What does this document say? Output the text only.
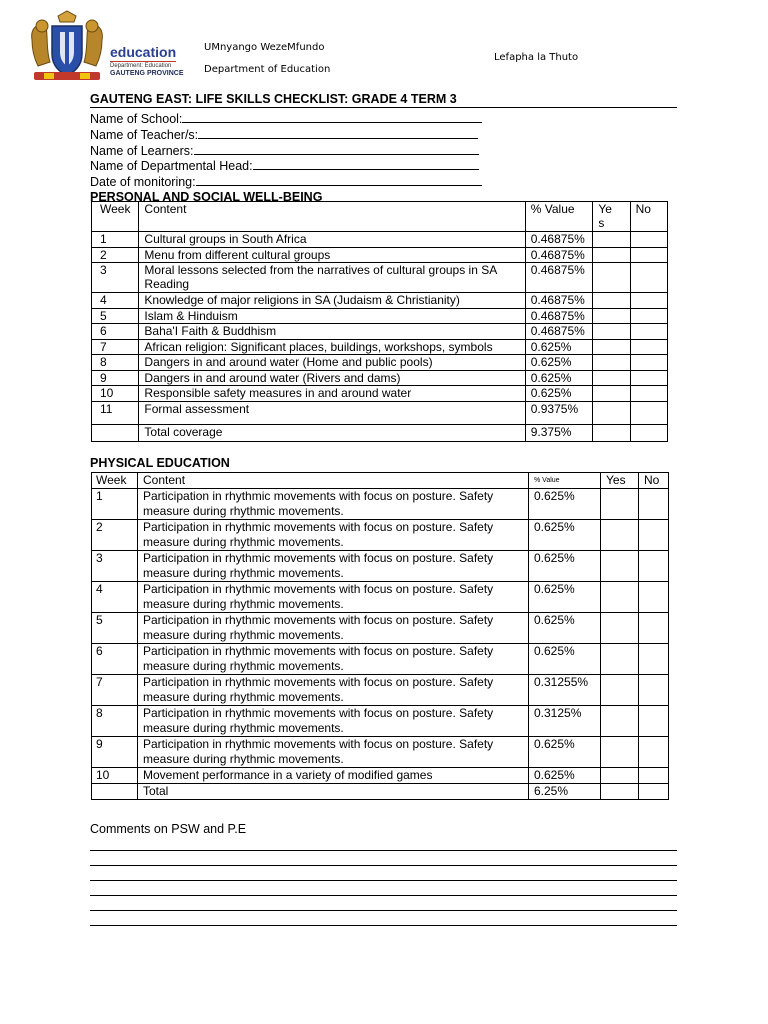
education
Department: Education
GAUTENG PROVINCE
UMnyango WezeMfundo
Department of Education
Lefapha la Thuto
GAUTENG EAST: LIFE SKILLS CHECKLIST: GRADE 4 TERM 3
Name of School:
Name of Teacher/s:
Name of Learners:
Name of Departmental Head:
Date of monitoring:
PERSONAL AND SOCIAL WELL-BEING
Week	Content	% Value	Yes	No
1	Cultural groups in South Africa	0.46875%		
2	Menu from different cultural groups	0.46875%		
3	Moral lessons selected from the narratives of cultural groups in SA Reading	0.46875%		
4	Knowledge of major religions in SA (Judaism & Christianity)	0.46875%		
5	Islam & Hinduism	0.46875%		
6	Baha'I Faith & Buddhism	0.46875%		
7	African religion: Significant places, buildings, workshops, symbols	0.625%		
8	Dangers in and around water (Home and public pools)	0.625%		
9	Dangers in and around water (Rivers and dams)	0.625%		
10	Responsible safety measures in and around water	0.625%		
11	Formal assessment	0.9375%		
	Total coverage	9.375%		
PHYSICAL EDUCATION
Week	Content	% Value	Yes	No
1	Participation in rhythmic movements with focus on posture. Safety measure during rhythmic movements.	0.625%		
2	Participation in rhythmic movements with focus on posture. Safety measure during rhythmic movements.	0.625%		
3	Participation in rhythmic movements with focus on posture. Safety measure during rhythmic movements.	0.625%		
4	Participation in rhythmic movements with focus on posture. Safety measure during rhythmic movements.	0.625%		
5	Participation in rhythmic movements with focus on posture. Safety measure during rhythmic movements.	0.625%		
6	Participation in rhythmic movements with focus on posture. Safety measure during rhythmic movements.	0.625%		
7	Participation in rhythmic movements with focus on posture. Safety measure during rhythmic movements.	0.31255%		
8	Participation in rhythmic movements with focus on posture. Safety measure during rhythmic movements.	0.3125%		
9	Participation in rhythmic movements with focus on posture. Safety measure during rhythmic movements.	0.625%		
10	Movement performance in a variety of modified games	0.625%		
	Total	6.25%		
Comments on PSW and P.E
